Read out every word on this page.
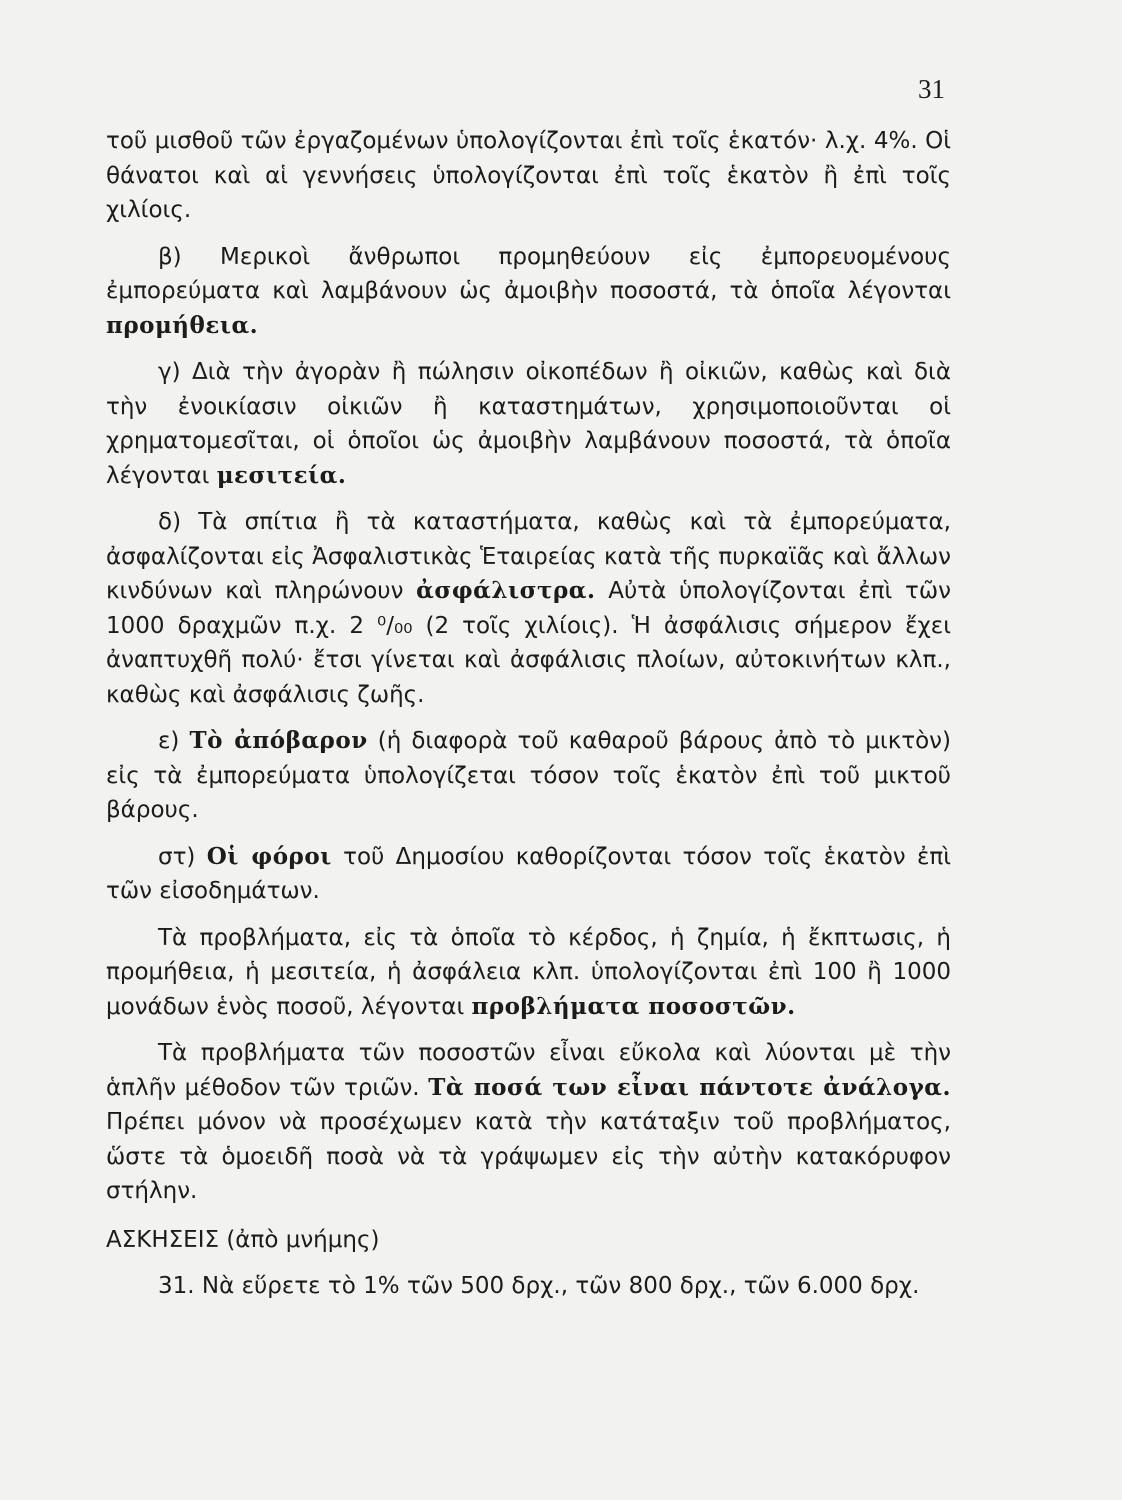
31

τοῦ μισθοῦ τῶν ἐργαζομένων ὑπολογίζονται ἐπὶ τοῖς ἑκατόν· λ.χ. 4%. Οἱ θάνατοι καὶ αἱ γεννήσεις ὑπολογίζονται ἐπὶ τοῖς ἑκατὸν ἢ ἐπὶ τοῖς χιλίοις.

β) Μερικοὶ ἄνθρωποι προμηθεύουν εἰς ἐμπορευομένους ἐμπορεύματα καὶ λαμβάνουν ὡς ἀμοιβὴν ποσοστά, τὰ ὁποῖα λέγονται προμήθεια.

γ) Διὰ τὴν ἀγορὰν ἢ πώλησιν οἰκοπέδων ἢ οἰκιῶν, καθὼς καὶ διὰ τὴν ἐνοικίασιν οἰκιῶν ἢ καταστημάτων, χρησιμοποιοῦνται οἱ χρηματομεσῖται, οἱ ὁποῖοι ὡς ἀμοιβὴν λαμβάνουν ποσοστά, τὰ ὁποῖα λέγονται μεσιτεία.

δ) Τὰ σπίτια ἢ τὰ καταστήματα, καθὼς καὶ τὰ ἐμπορεύματα, ἀσφαλίζονται εἰς Ἀσφαλιστικὰς Ἑταιρείας κατὰ τῆς πυρκαϊᾶς καὶ ἄλλων κινδύνων καὶ πληρώνουν ἀσφάλιστρα. Αὐτὰ ὑπολογίζονται ἐπὶ τῶν 1000 δραχμῶν π.χ. 2 ⁰/₀₀ (2 τοῖς χιλίοις). Ἡ ἀσφάλισις σήμερον ἔχει ἀναπτυχθῆ πολύ· ἔτσι γίνεται καὶ ἀσφάλισις πλοίων, αὐτοκινήτων κλπ., καθὼς καὶ ἀσφάλισις ζωῆς.

ε) Τὸ ἀπόβαρον (ἡ διαφορὰ τοῦ καθαροῦ βάρους ἀπὸ τὸ μικτὸν) εἰς τὰ ἐμπορεύματα ὑπολογίζεται τόσον τοῖς ἑκατὸν ἐπὶ τοῦ μικτοῦ βάρους.

στ) Οἱ φόροι τοῦ Δημοσίου καθορίζονται τόσον τοῖς ἑκατὸν ἐπὶ τῶν εἰσοδημάτων.

Τὰ προβλήματα, εἰς τὰ ὁποῖα τὸ κέρδος, ἡ ζημία, ἡ ἔκπτωσις, ἡ προμήθεια, ἡ μεσιτεία, ἡ ἀσφάλεια κλπ. ὑπολογίζονται ἐπὶ 100 ἢ 1000 μονάδων ἑνὸς ποσοῦ, λέγονται προβλήματα ποσοστῶν.

Τὰ προβλήματα τῶν ποσοστῶν εἶναι εὔκολα καὶ λύονται μὲ τὴν ἁπλῆν μέθοδον τῶν τριῶν. Τὰ ποσά των εἶναι πάντοτε ἀνάλογα. Πρέπει μόνον νὰ προσέχωμεν κατὰ τὴν κατάταξιν τοῦ προβλήματος, ὥστε τὰ ὁμοειδῆ ποσὰ νὰ τὰ γράψωμεν εἰς τὴν αὐτὴν κατακόρυφον στήλην.

ΑΣΚΗΣΕΙΣ (ἀπὸ μνήμης)

31. Νὰ εὕρετε τὸ 1% τῶν 500 δρχ., τῶν 800 δρχ., τῶν 6.000 δρχ.
